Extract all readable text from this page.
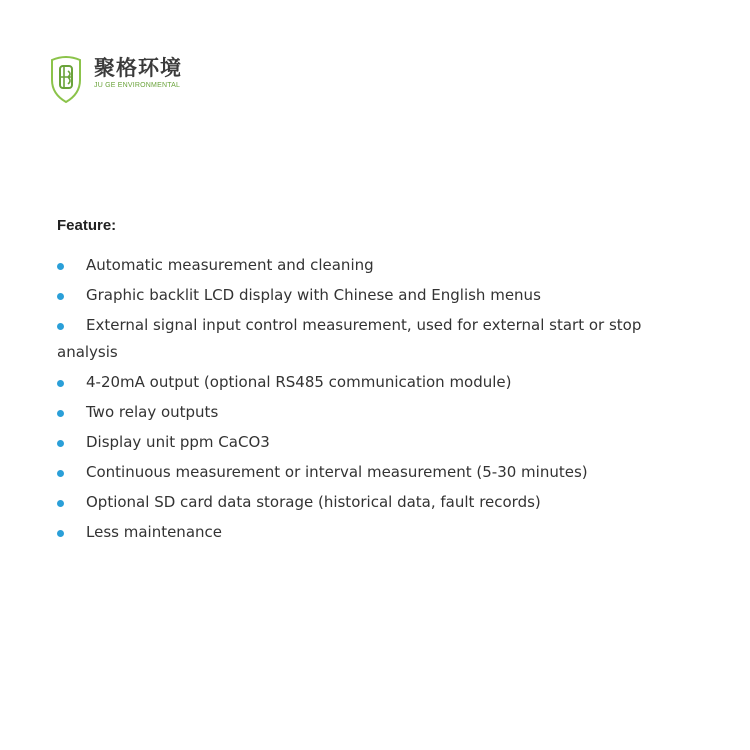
聚格环境
JU GE ENVIRONMENTAL
Feature:
Automatic measurement and cleaning
Graphic backlit LCD display with Chinese and English menus
External signal input control measurement, used for external start or stop analysis
4-20mA output (optional RS485 communication module)
Two relay outputs
Display unit ppm CaCO3
Continuous measurement or interval measurement (5-30 minutes)
Optional SD card data storage (historical data, fault records)
Less maintenance
